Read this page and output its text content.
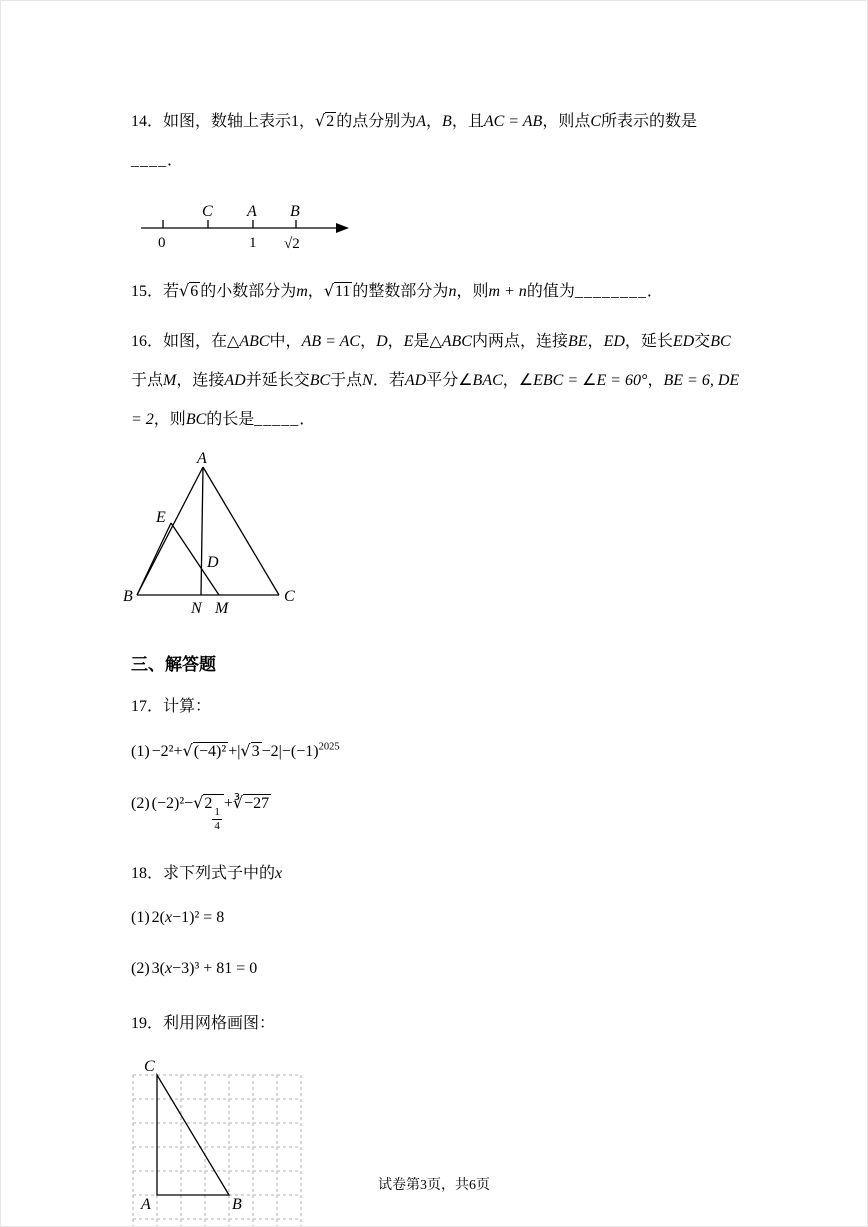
14．如图，数轴上表示1， √ 2 的点分别为A，B，且AC = AB，则点C所表示的数是____．

C A B
0	1 √2

15．若 √ 6 的小数部分为m， √ 11 的整数部分为n，则m + n的值为________．

16．如图，在△ABC中，AB = AC，D，E是△ABC内两点，连接BE，ED，延长ED交BC于点M，连接AD并延长交BC于点N．若AD平分∠BAC，∠EBC = ∠E = 60°，BE = 6, DE = 2，则BC的长是_____．

A
B	C
E
D
N M
三、解答题

17．计算：

(1) −2²+ √ (−4)² +| √ $3 -2|-(-1)^{2025}$
(2) (−2)²− √ 2
$\frac{1}{4}$
+ ∛ −27

18．求下列式子中的x

(1) 2(x−1)² = 8
(2) 3(x−3)³ + 81 = 0

19．利用网格画图：

C
A	B
试卷第3页，共6页
